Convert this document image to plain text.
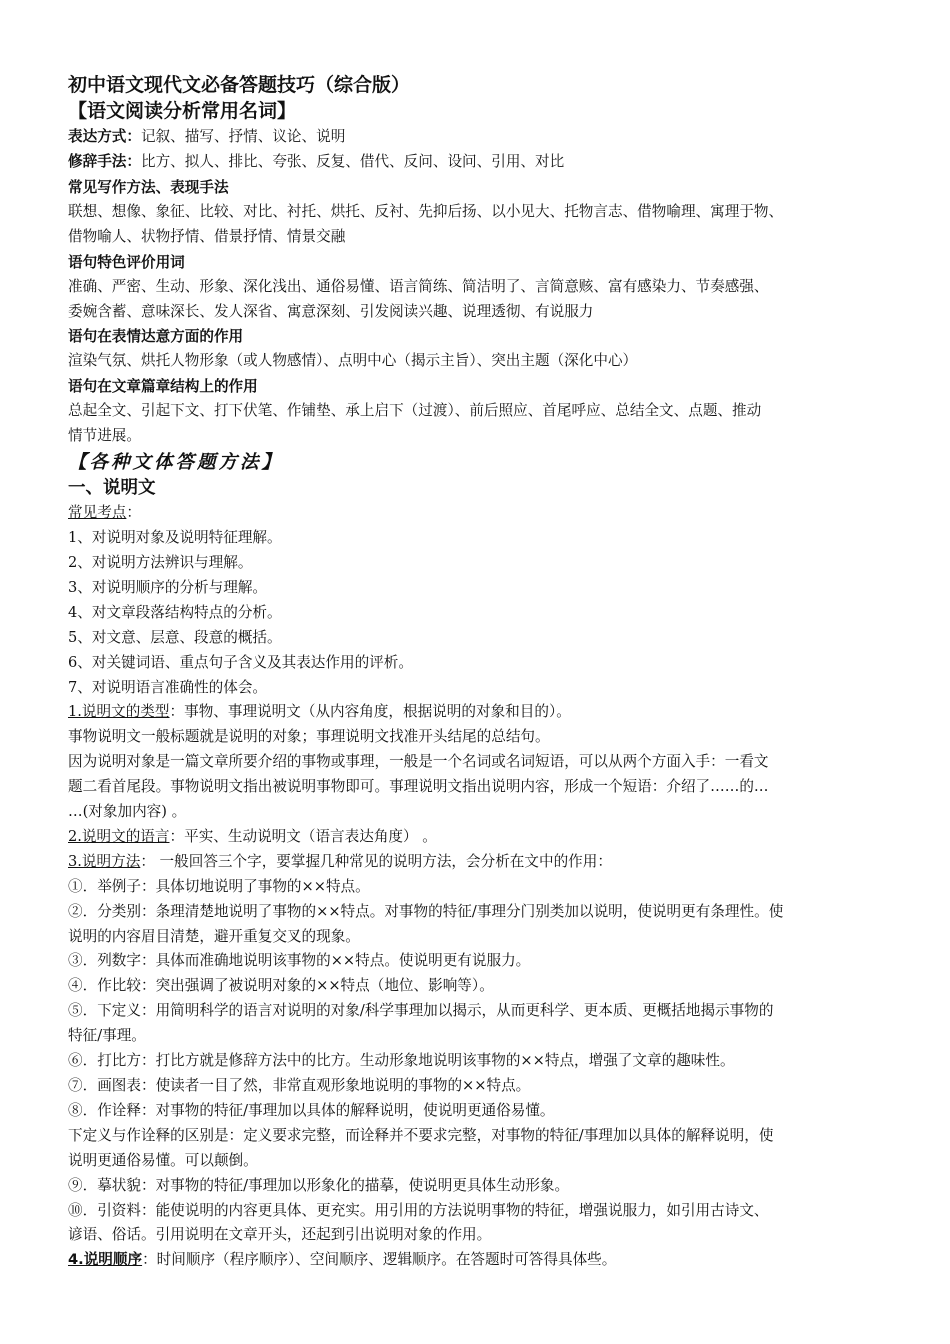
初中语文现代文必备答题技巧（综合版）
【语文阅读分析常用名词】
表达方式：记叙、描写、抒情、议论、说明
修辞手法：比方、拟人、排比、夸张、反复、借代、反问、设问、引用、对比
常见写作方法、表现手法
联想、想像、象征、比较、对比、衬托、烘托、反衬、先抑后扬、以小见大、托物言志、借物喻理、寓理于物、
借物喻人、状物抒情、借景抒情、情景交融
语句特色评价用词
准确、严密、生动、形象、深化浅出、通俗易懂、语言简练、简洁明了、言简意赅、富有感染力、节奏感强、
委婉含蓄、意味深长、发人深省、寓意深刻、引发阅读兴趣、说理透彻、有说服力
语句在表情达意方面的作用
渲染气氛、烘托人物形象（或人物感情）、点明中心（揭示主旨）、突出主题（深化中心）
语句在文章篇章结构上的作用
总起全文、引起下文、打下伏笔、作铺垫、承上启下（过渡）、前后照应、首尾呼应、总结全文、点题、推动
情节进展。
【各种文体答题方法】
一、说明文
常见考点：
1、对说明对象及说明特征理解。
2、对说明方法辨识与理解。
3、对说明顺序的分析与理解。
4、对文章段落结构特点的分析。
5、对文意、层意、段意的概括。
6、对关键词语、重点句子含义及其表达作用的评析。
7、对说明语言准确性的体会。
1.说明文的类型：事物、事理说明文（从内容角度，根据说明的对象和目的）。
事物说明文一般标题就是说明的对象；事理说明文找准开头结尾的总结句。
因为说明对象是一篇文章所要介绍的事物或事理，一般是一个名词或名词短语，可以从两个方面入手：一看文
题二看首尾段。事物说明文指出被说明事物即可。事理说明文指出说明内容，形成一个短语：介绍了……的…
…(对象加内容) 。
2.说明文的语言：平实、生动说明文（语言表达角度） 。
3.说明方法： 一般回答三个字，要掌握几种常见的说明方法，会分析在文中的作用：
①．举例子：具体切地说明了事物的××特点。
②．分类别：条理清楚地说明了事物的××特点。对事物的特征/事理分门别类加以说明，使说明更有条理性。使
说明的内容眉目清楚，避开重复交叉的现象。
③．列数字：具体而准确地说明该事物的××特点。使说明更有说服力。
④．作比较：突出强调了被说明对象的××特点（地位、影响等）。
⑤．下定义：用简明科学的语言对说明的对象/科学事理加以揭示，从而更科学、更本质、更概括地揭示事物的
特征/事理。
⑥．打比方：打比方就是修辞方法中的比方。生动形象地说明该事物的××特点，增强了文章的趣味性。
⑦．画图表：使读者一目了然，非常直观形象地说明的事物的××特点。
⑧．作诠释：对事物的特征/事理加以具体的解释说明，使说明更通俗易懂。
下定义与作诠释的区别是：定义要求完整，而诠释并不要求完整，对事物的特征/事理加以具体的解释说明，使
说明更通俗易懂。可以颠倒。
⑨．摹状貌：对事物的特征/事理加以形象化的描摹，使说明更具体生动形象。
⑩．引资料：能使说明的内容更具体、更充实。用引用的方法说明事物的特征，增强说服力，如引用古诗文、
谚语、俗话。引用说明在文章开头，还起到引出说明对象的作用。
4.说明顺序：时间顺序（程序顺序）、空间顺序、逻辑顺序。在答题时可答得具体些。
